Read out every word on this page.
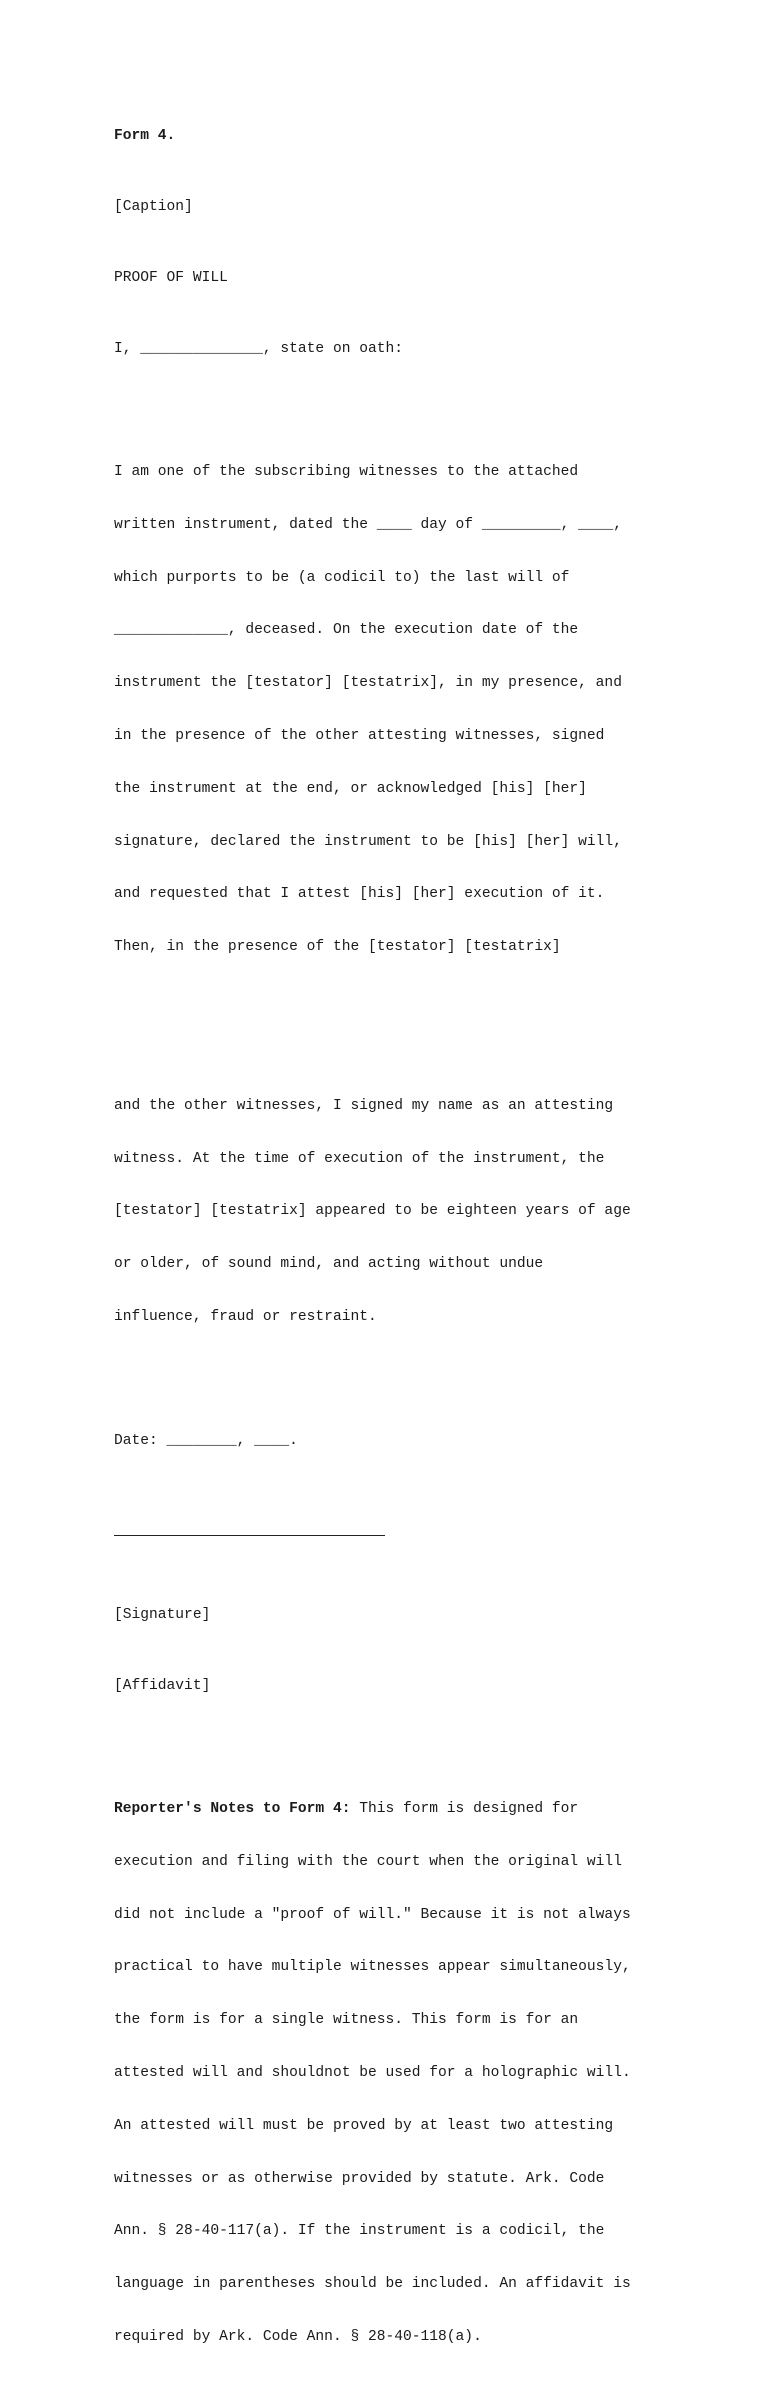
Form 4.

[Caption]

PROOF OF WILL

I, ______________, state on oath:

I am one of the subscribing witnesses to the attached

written instrument, dated the ____ day of _________, ____,

which purports to be (a codicil to) the last will of

_____________, deceased. On the execution date of the

instrument the [testator] [testatrix], in my presence, and

in the presence of the other attesting witnesses, signed

the instrument at the end, or acknowledged [his] [her]

signature, declared the instrument to be [his] [her] will,

and requested that I attest [his] [her] execution of it.

Then, in the presence of the [testator] [testatrix]

and the other witnesses, I signed my name as an attesting

witness. At the time of execution of the instrument, the

[testator] [testatrix] appeared to be eighteen years of age

or older, of sound mind, and acting without undue

influence, fraud or restraint.

Date: ________, ____.

[Signature]

[Affidavit]

Reporter's Notes to Form 4: This form is designed for

execution and filing with the court when the original will

did not include a "proof of will." Because it is not always

practical to have multiple witnesses appear simultaneously,

the form is for a single witness. This form is for an

attested will and shouldnot be used for a holographic will.

An attested will must be proved by at least two attesting

witnesses or as otherwise provided by statute. Ark. Code

Ann. § 28-40-117(a). If the instrument is a codicil, the

language in parentheses should be included. An affidavit is

required by Ark. Code Ann. § 28-40-118(a).
